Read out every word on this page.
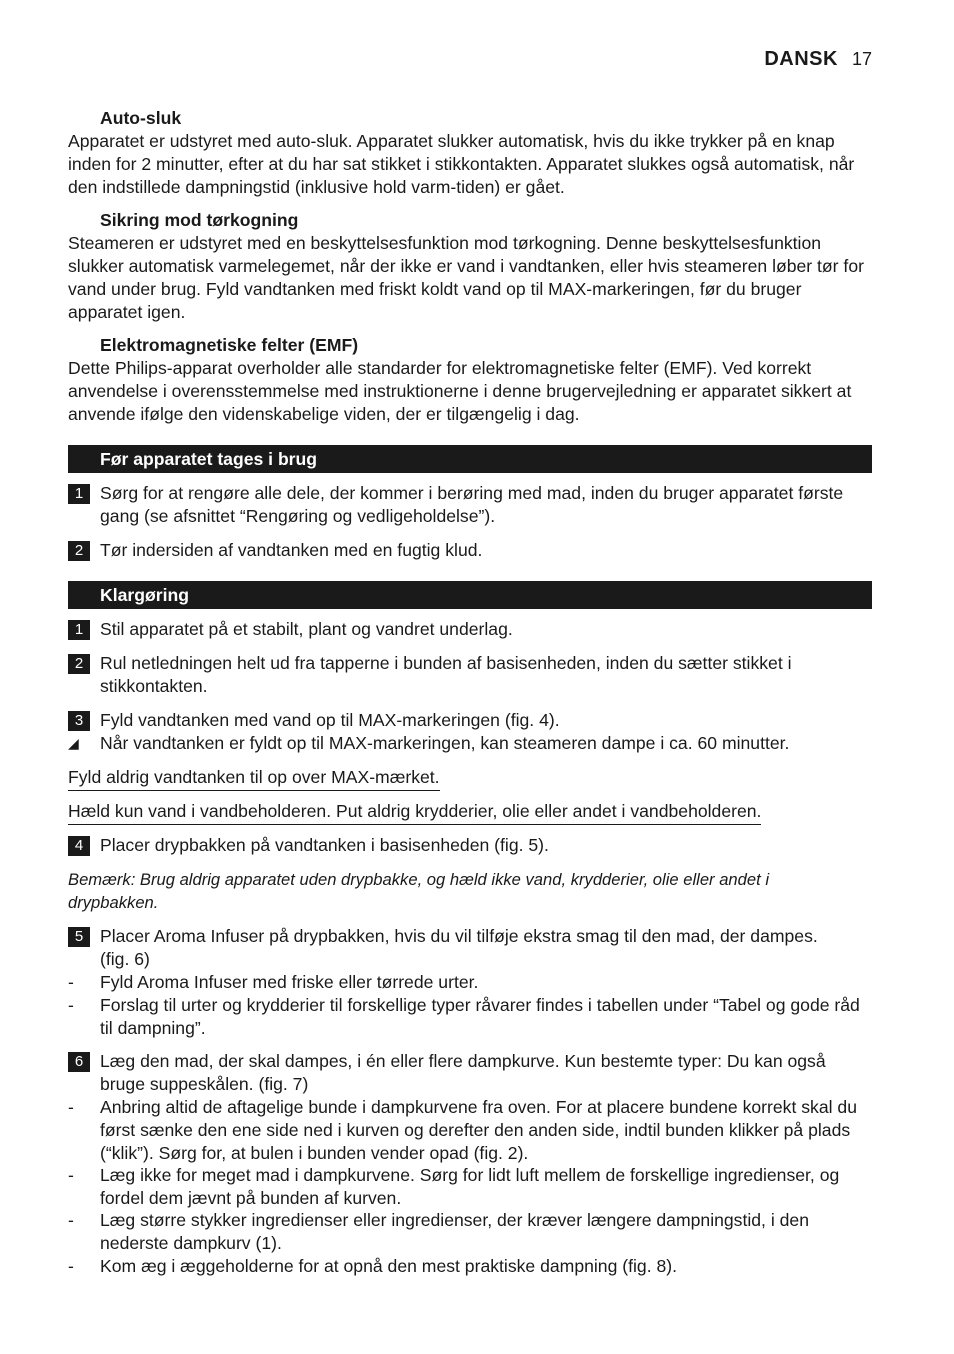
DANSK 17
Auto-sluk
Apparatet er udstyret med auto-sluk. Apparatet slukker automatisk, hvis du ikke trykker på en knap inden for 2 minutter, efter at du har sat stikket i stikkontakten. Apparatet slukkes også automatisk, når den indstillede dampningstid (inklusive hold varm-tiden) er gået.
Sikring mod tørkogning
Steameren er udstyret med en beskyttelsesfunktion mod tørkogning. Denne beskyttelsesfunktion slukker automatisk varmelegemet, når der ikke er vand i vandtanken, eller hvis steameren løber tør for vand under brug. Fyld vandtanken med friskt koldt vand op til MAX-markeringen, før du bruger apparatet igen.
Elektromagnetiske felter (EMF)
Dette Philips-apparat overholder alle standarder for elektromagnetiske felter (EMF). Ved korrekt anvendelse i overensstemmelse med instruktionerne i denne brugervejledning er apparatet sikkert at anvende ifølge den videnskabelige viden, der er tilgængelig i dag.
Før apparatet tages i brug
1 Sørg for at rengøre alle dele, der kommer i berøring med mad, inden du bruger apparatet første gang (se afsnittet “Rengøring og vedligeholdelse”).
2 Tør indersiden af vandtanken med en fugtig klud.
Klargøring
1 Stil apparatet på et stabilt, plant og vandret underlag.
2 Rul netledningen helt ud fra tapperne i bunden af basisenheden, inden du sætter stikket i stikkontakten.
3 Fyld vandtanken med vand op til MAX-markeringen (fig. 4).
◢	Når vandtanken er fyldt op til MAX-markeringen, kan steameren dampe i ca. 60 minutter.
Fyld aldrig vandtanken til op over MAX-mærket.
Hæld kun vand i vandbeholderen. Put aldrig krydderier, olie eller andet i vandbeholderen.
4 Placer drypbakken på vandtanken i basisenheden (fig. 5).
Bemærk: Brug aldrig apparatet uden drypbakke, og hæld ikke vand, krydderier, olie eller andet i drypbakken.
5 Placer Aroma Infuser på drypbakken, hvis du vil tilføje ekstra smag til den mad, der dampes. (fig. 6)
-	Fyld Aroma Infuser med friske eller tørrede urter.
-	Forslag til urter og krydderier til forskellige typer råvarer findes i tabellen under “Tabel og gode råd til dampning”.
6 Læg den mad, der skal dampes, i én eller flere dampkurve. Kun bestemte typer: Du kan også bruge suppeskålen. (fig. 7)
-	Anbring altid de aftagelige bunde i dampkurvene fra oven. For at placere bundene korrekt skal du først sænke den ene side ned i kurven og derefter den anden side, indtil bunden klikker på plads (“klik”). Sørg for, at bulen i bunden vender opad (fig. 2).
-	Læg ikke for meget mad i dampkurvene. Sørg for lidt luft mellem de forskellige ingredienser, og fordel dem jævnt på bunden af kurven.
-	Læg større stykker ingredienser eller ingredienser, der kræver længere dampningstid, i den nederste dampkurv (1).
-	Kom æg i æggeholderne for at opnå den mest praktiske dampning (fig. 8).
